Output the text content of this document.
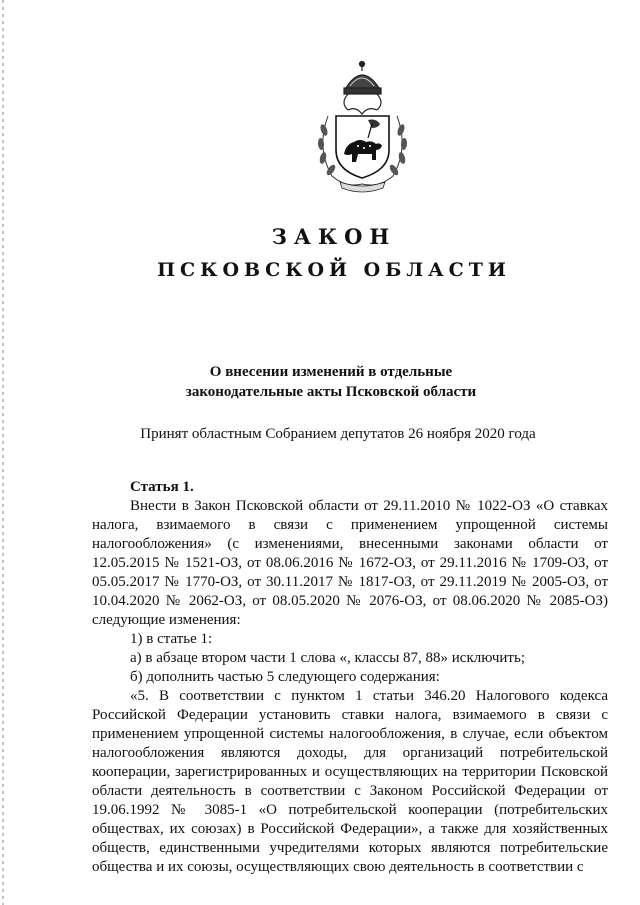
ЗАКОН
ПСКОВСКОЙ ОБЛАСТИ
О внесении изменений в отдельные
законодательные акты Псковской области
Принят областным Собранием депутатов 26 ноября 2020 года

Статья 1.

Внести в Закон Псковской области от 29.11.2010 № 1022-ОЗ «О ставках налога, взимаемого в связи с применением упрощенной системы налогообложения» (с изменениями, внесенными законами области от 12.05.2015 № 1521-ОЗ, от 08.06.2016 № 1672-ОЗ, от 29.11.2016 № 1709-ОЗ, от 05.05.2017 № 1770-ОЗ, от 30.11.2017 № 1817-ОЗ, от 29.11.2019 № 2005-ОЗ, от 10.04.2020 № 2062-ОЗ, от 08.05.2020 № 2076-ОЗ, от 08.06.2020 № 2085-ОЗ) следующие изменения:

1) в статье 1:

а) в абзаце втором части 1 слова «, классы 87, 88» исключить;

б) дополнить частью 5 следующего содержания:

«5. В соответствии с пунктом 1 статьи 346.20 Налогового кодекса Российской Федерации установить ставки налога, взимаемого в связи с применением упрощенной системы налогообложения, в случае, если объектом налогообложения являются доходы, для организаций потребительской кооперации, зарегистрированных и осуществляющих на территории Псковской области деятельность в соответствии с Законом Российской Федерации от 19.06.1992 № 3085-1 «О потребительской кооперации (потребительских обществах, их союзах) в Российской Федерации», а также для хозяйственных обществ, единственными учредителями которых являются потребительские общества и их союзы, осуществляющих свою деятельность в соответствии с
